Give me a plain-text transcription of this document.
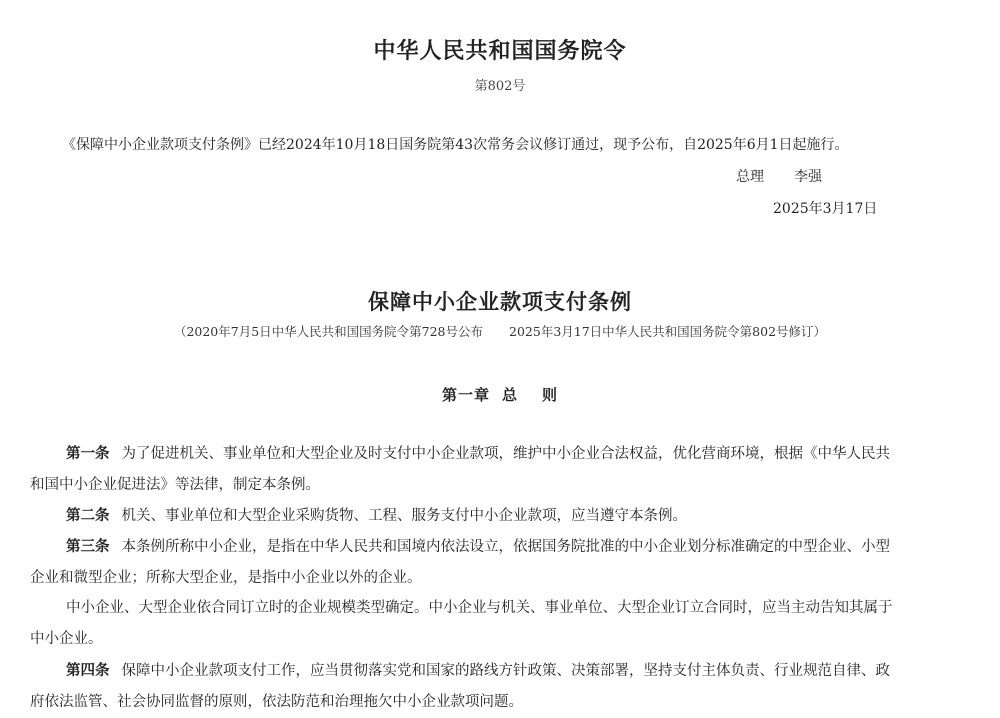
中华人民共和国国务院令
第802号

《保障中小企业款项支付条例》已经2024年10月18日国务院第43次常务会议修订通过，现予公布，自2025年6月1日起施行。

总理 李强
2025年3月17日
保障中小企业款项支付条例
（2020年7月5日中华人民共和国国务院令第728号公布 2025年3月17日中华人民共和国国务院令第802号修订）
第一章 总 则

第一条 为了促进机关、事业单位和大型企业及时支付中小企业款项，维护中小企业合法权益，优化营商环境，根据《中华人民共
和国中小企业促进法》等法律，制定本条例。

第二条 机关、事业单位和大型企业采购货物、工程、服务支付中小企业款项，应当遵守本条例。

第三条 本条例所称中小企业，是指在中华人民共和国境内依法设立，依据国务院批准的中小企业划分标准确定的中型企业、小型
企业和微型企业；所称大型企业，是指中小企业以外的企业。

中小企业、大型企业依合同订立时的企业规模类型确定。中小企业与机关、事业单位、大型企业订立合同时，应当主动告知其属于
中小企业。

第四条 保障中小企业款项支付工作，应当贯彻落实党和国家的路线方针政策、决策部署，坚持支付主体负责、行业规范自律、政
府依法监管、社会协同监督的原则，依法防范和治理拖欠中小企业款项问题。
